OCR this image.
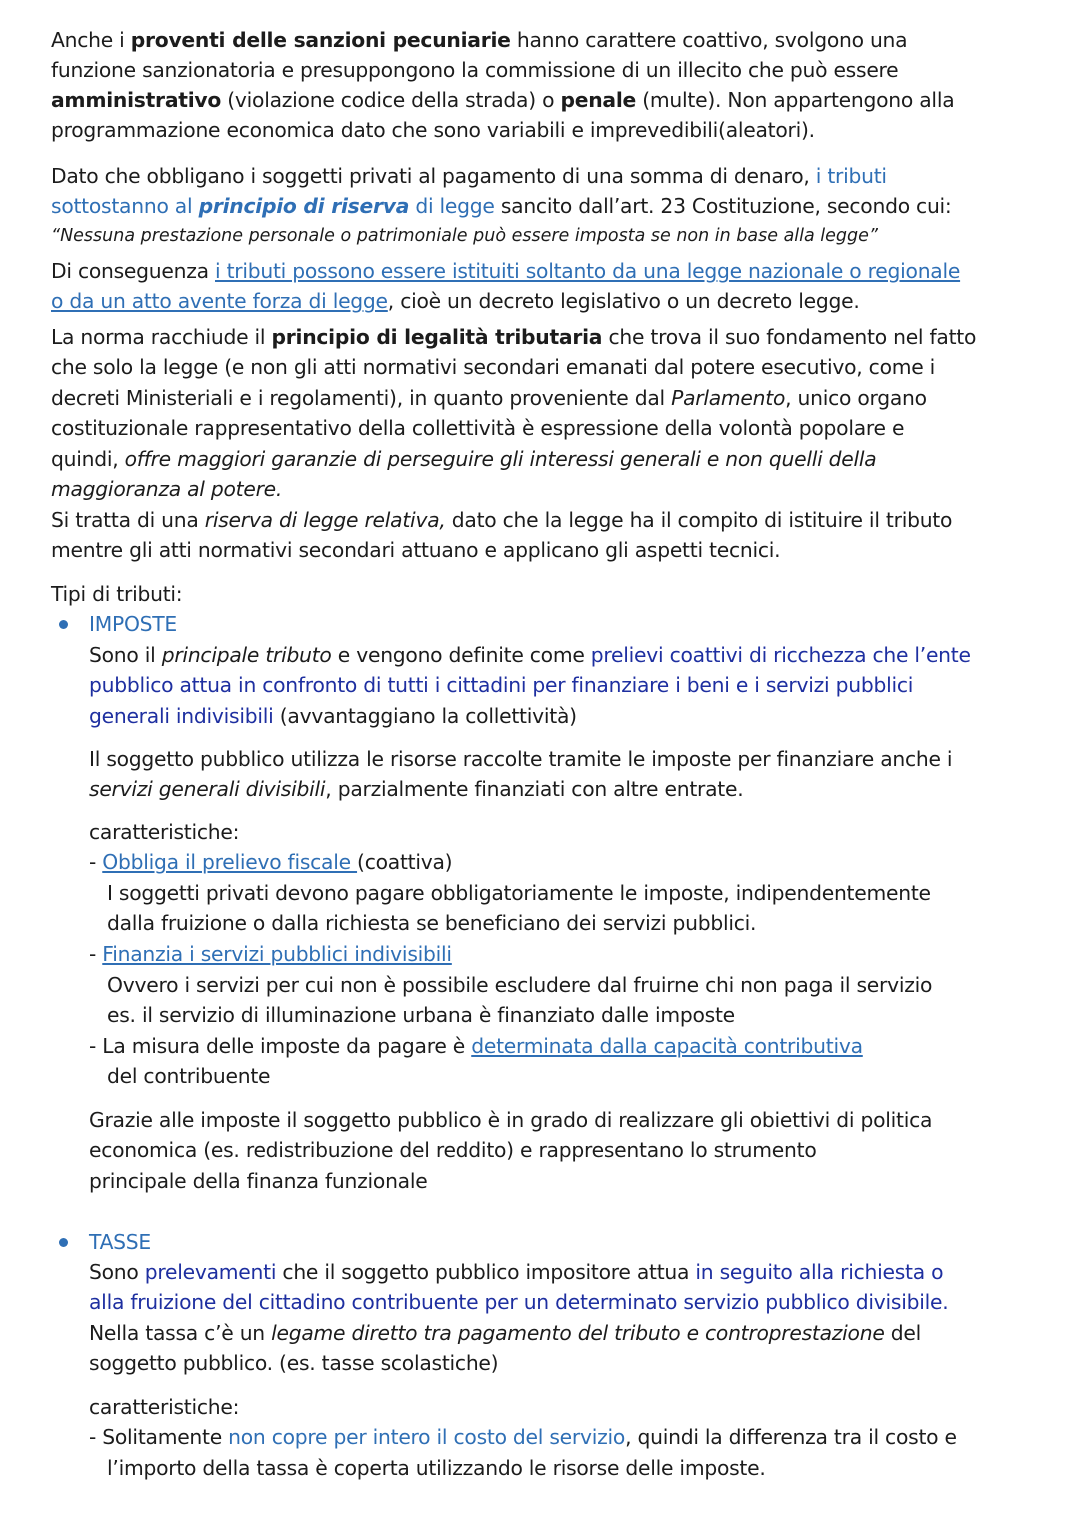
Anche i proventi delle sanzioni pecuniarie hanno carattere coattivo, svolgono una
funzione sanzionatoria e presuppongono la commissione di un illecito che può essere
amministrativo (violazione codice della strada) o penale (multe). Non appartengono alla
programmazione economica dato che sono variabili e imprevedibili(aleatori).
Dato che obbligano i soggetti privati al pagamento di una somma di denaro, i tributi
sottostanno al principio di riserva di legge sancito dall’art. 23 Costituzione, secondo cui:
“Nessuna prestazione personale o patrimoniale può essere imposta se non in base alla legge”
Di conseguenza i tributi possono essere istituiti soltanto da una legge nazionale o regionale
o da un atto avente forza di legge, cioè un decreto legislativo o un decreto legge.
La norma racchiude il principio di legalità tributaria che trova il suo fondamento nel fatto
che solo la legge (e non gli atti normativi secondari emanati dal potere esecutivo, come i
decreti Ministeriali e i regolamenti), in quanto proveniente dal Parlamento, unico organo
costituzionale rappresentativo della collettività è espressione della volontà popolare e
quindi, offre maggiori garanzie di perseguire gli interessi generali e non quelli della
maggioranza al potere.
Si tratta di una riserva di legge relativa, dato che la legge ha il compito di istituire il tributo
mentre gli atti normativi secondari attuano e applicano gli aspetti tecnici.
Tipi di tributi:
IMPOSTE
Sono il principale tributo e vengono definite come prelievi coattivi di ricchezza che l’ente
pubblico attua in confronto di tutti i cittadini per finanziare i beni e i servizi pubblici
generali indivisibili (avvantaggiano la collettività)
Il soggetto pubblico utilizza le risorse raccolte tramite le imposte per finanziare anche i
servizi generali divisibili, parzialmente finanziati con altre entrate.
caratteristiche:
- Obbliga il prelievo fiscale (coattiva)
I soggetti privati devono pagare obbligatoriamente le imposte, indipendentemente
dalla fruizione o dalla richiesta se beneficiano dei servizi pubblici.
- Finanzia i servizi pubblici indivisibili
Ovvero i servizi per cui non è possibile escludere dal fruirne chi non paga il servizio
es. il servizio di illuminazione urbana è finanziato dalle imposte
- La misura delle imposte da pagare è determinata dalla capacità contributiva
del contribuente
Grazie alle imposte il soggetto pubblico è in grado di realizzare gli obiettivi di politica
economica (es. redistribuzione del reddito) e rappresentano lo strumento
principale della finanza funzionale
TASSE
Sono prelevamenti che il soggetto pubblico impositore attua in seguito alla richiesta o
alla fruizione del cittadino contribuente per un determinato servizio pubblico divisibile.
Nella tassa c’è un legame diretto tra pagamento del tributo e controprestazione del
soggetto pubblico. (es. tasse scolastiche)
caratteristiche:
- Solitamente non copre per intero il costo del servizio, quindi la differenza tra il costo e
l’importo della tassa è coperta utilizzando le risorse delle imposte.
